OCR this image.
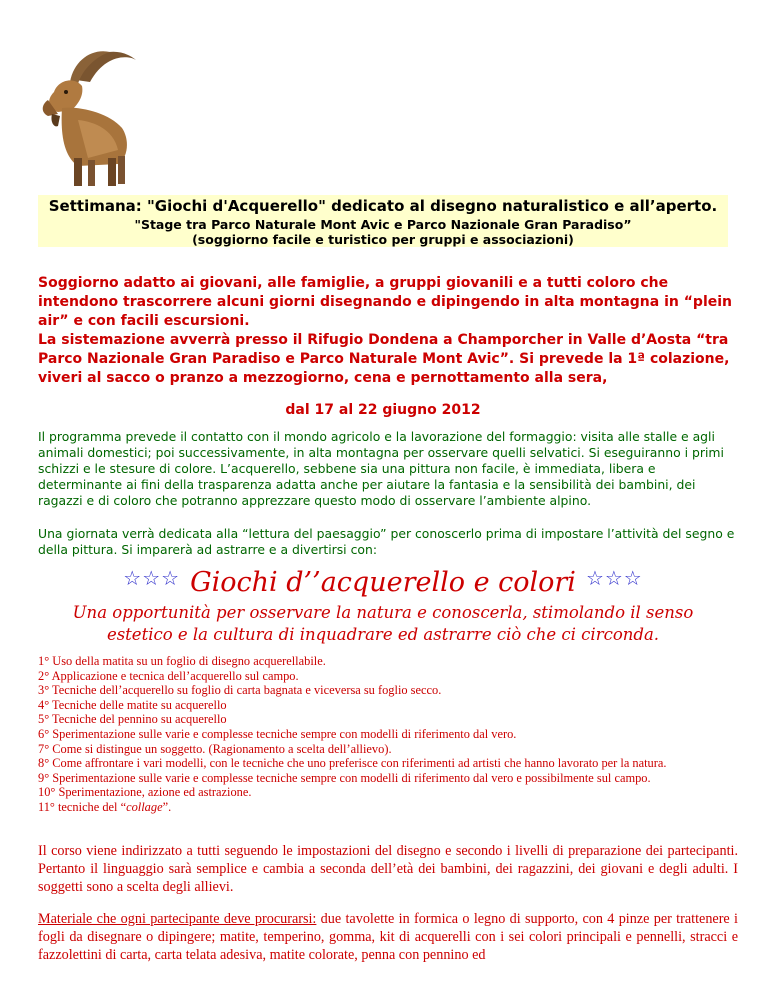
Settimana: "Giochi d'Acquerello" dedicato al disegno naturalistico e all’aperto.
"Stage tra Parco Naturale Mont Avic e Parco Nazionale Gran Paradiso”
(soggiorno facile e turistico per gruppi e associazioni)
Soggiorno adatto ai giovani, alle famiglie, a gruppi giovanili e a tutti coloro che intendono trascorrere alcuni giorni disegnando e dipingendo in alta montagna in “plein air” e con facili escursioni.
La sistemazione avverrà presso il Rifugio Dondena a Champorcher in Valle d’Aosta “tra Parco Nazionale Gran Paradiso e Parco Naturale Mont Avic”. Si prevede la 1ª colazione, viveri al sacco o pranzo a mezzogiorno, cena e pernottamento alla sera,
dal 17 al 22 giugno 2012
Il programma prevede il contatto con il mondo agricolo e la lavorazione del formaggio: visita alle stalle e agli animali domestici; poi successivamente, in alta montagna per osservare quelli selvatici. Si eseguiranno i primi schizzi e le stesure di colore. L’acquerello, sebbene sia una pittura non facile, è immediata, libera e determinante ai fini della trasparenza adatta anche per aiutare la fantasia e la sensibilità dei bambini, dei ragazzi e di coloro che potranno apprezzare questo modo di osservare l’ambiente alpino.
Una giornata verrà dedicata alla “lettura del paesaggio” per conoscerlo prima di impostare l’attività del segno e della pittura. Si imparerà ad astrarre e a divertirsi con:
☆☆☆ Giochi d’’acquerello e colori ☆☆☆
Una opportunità per osservare la natura e conoscerla, stimolando il senso estetico e la cultura di inquadrare ed astrarre ciò che ci circonda.
1° Uso della matita su un foglio di disegno acquerellabile.
2° Applicazione e tecnica dell’acquerello sul campo.
3° Tecniche dell’acquerello su foglio di carta bagnata e viceversa su foglio secco.
4° Tecniche delle matite su acquerello
5° Tecniche del pennino su acquerello
6° Sperimentazione sulle varie e complesse tecniche sempre con modelli di riferimento dal vero.
7° Come si distingue un soggetto. (Ragionamento a scelta dell’allievo).
8° Come affrontare i vari modelli, con le tecniche che uno preferisce con riferimenti ad artisti che hanno lavorato per la natura.
9° Sperimentazione sulle varie e complesse tecniche sempre con modelli di riferimento dal vero e possibilmente sul campo.
10° Sperimentazione, azione ed astrazione.
11° tecniche del “collage”.
Il corso viene indirizzato a tutti seguendo le impostazioni del disegno e secondo i livelli di preparazione dei partecipanti. Pertanto il linguaggio sarà semplice e cambia a seconda dell’età dei bambini, dei ragazzini, dei giovani e degli adulti. I soggetti sono a scelta degli allievi.
Materiale che ogni partecipante deve procurarsi: due tavolette in formica o legno di supporto, con 4 pinze per trattenere i fogli da disegnare o dipingere; matite, temperino, gomma, kit di acquerelli con i sei colori principali e pennelli, stracci e fazzolettini di carta, carta telata adesiva, matite colorate, penna con pennino ed
